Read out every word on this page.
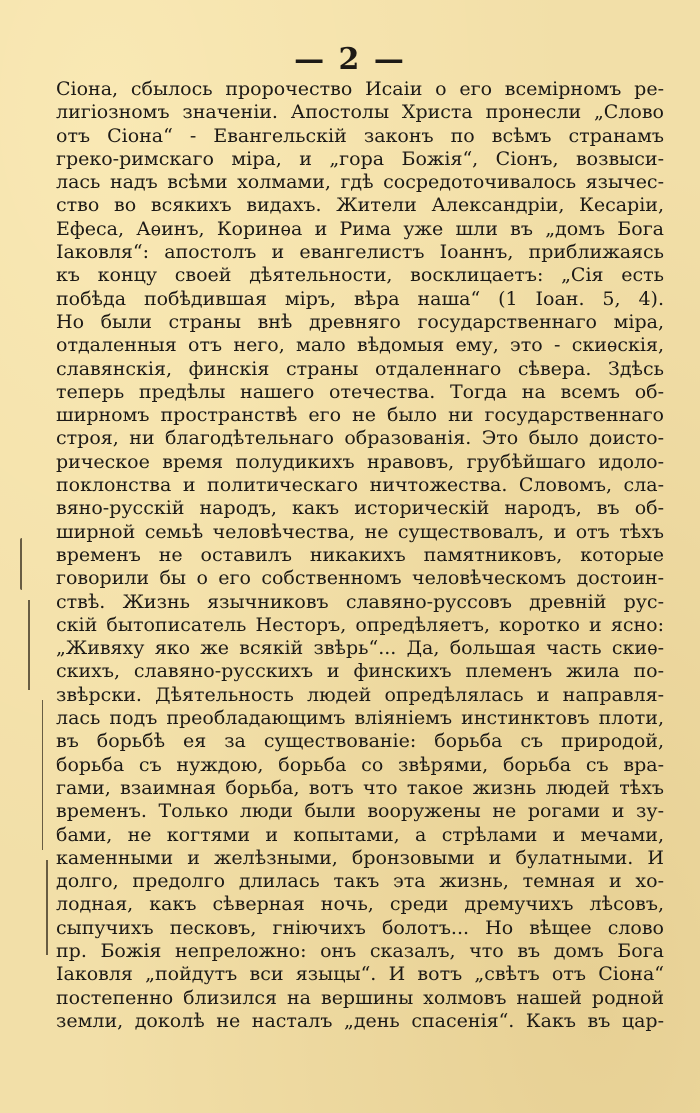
— 2 —
Сіона, сбылось пророчество Исаіи о его всемірномъ ре-
лигіозномъ значеніи. Апостолы Христа пронесли „Слово
отъ Сіона“ - Евангельскій законъ по всѣмъ странамъ
греко-римскаго міра, и „гора Божія“, Сіонъ, возвыси-
лась надъ всѣми холмами, гдѣ сосредоточивалось язычес-
ство во всякихъ видахъ. Жители Александріи, Кесаріи,
Ефеса, Аѳинъ, Коринѳа и Рима уже шли въ „домъ Бога
Іаковля“: апостолъ и евангелистъ Іоаннъ, приближаясь
къ концу своей дѣятельности, восклицаетъ: „Сія есть
побѣда побѣдившая міръ, вѣра наша“ (1 Іоан. 5, 4).
Но были страны внѣ древняго государственнаго міра,
отдаленныя отъ него, мало вѣдомыя ему, это - скиѳскія,
славянскія, финскія страны отдаленнаго сѣвера. Здѣсь
теперь предѣлы нашего отечества. Тогда на всемъ об-
ширномъ пространствѣ его не было ни государственнаго
строя, ни благодѣтельнаго образованія. Это было доисто-
рическое время полудикихъ нравовъ, грубѣйшаго идоло-
поклонства и политическаго ничтожества. Словомъ, сла-
вяно-русскій народъ, какъ историческій народъ, въ об-
ширной семьѣ человѣчества, не существовалъ, и отъ тѣхъ
временъ не оставилъ никакихъ памятниковъ, которые
говорили бы о его собственномъ человѣческомъ достоин-
ствѣ. Жизнь язычниковъ славяно-руссовъ древній рус-
скій бытописатель Несторъ, опредѣляетъ, коротко и ясно:
„Живяху яко же всякій звѣрь“... Да, большая часть скиѳ-
скихъ, славяно-русскихъ и финскихъ племенъ жила по-
звѣрски. Дѣятельность людей опредѣлялась и направля-
лась подъ преобладающимъ вліяніемъ инстинктовъ плоти,
въ борьбѣ ея за существованіе: борьба съ природой,
борьба съ нуждою, борьба со звѣрями, борьба съ вра-
гами, взаимная борьба, вотъ что такое жизнь людей тѣхъ
временъ. Только люди были вооружены не рогами и зу-
бами, не когтями и копытами, а стрѣлами и мечами,
каменными и желѣзными, бронзовыми и булатными. И
долго, предолго длилась такъ эта жизнь, темная и хо-
лодная, какъ сѣверная ночь, среди дремучихъ лѣсовъ,
сыпучихъ песковъ, гніючихъ болотъ... Но вѣщее слово
пр. Божія непреложно: онъ сказалъ, что въ домъ Бога
Іаковля „пойдутъ вси языцы“. И вотъ „свѣтъ отъ Сіона“
постепенно близился на вершины холмовъ нашей родной
земли, доколѣ не насталъ „день спасенія“. Какъ въ цар-
